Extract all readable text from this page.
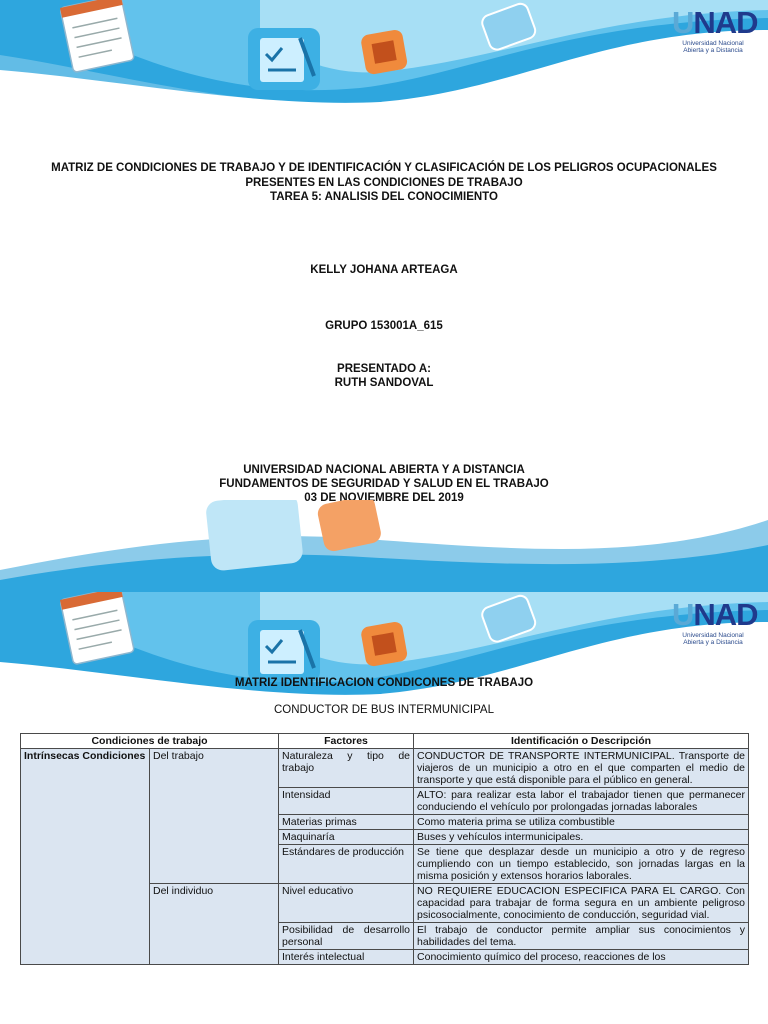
UNAD
Universidad Nacional
Abierta y a Distancia
MATRIZ DE CONDICIONES DE TRABAJO Y DE IDENTIFICACIÓN Y CLASIFICACIÓN DE LOS PELIGROS OCUPACIONALES
PRESENTES EN LAS CONDICIONES DE TRABAJO
TAREA 5: ANALISIS DEL CONOCIMIENTO
KELLY JOHANA ARTEAGA
GRUPO 153001A_615
PRESENTADO A:
RUTH SANDOVAL
UNIVERSIDAD NACIONAL ABIERTA Y A DISTANCIA
FUNDAMENTOS DE SEGURIDAD Y SALUD EN EL TRABAJO
03 DE NOVIEMBRE DEL 2019
UNAD
Universidad Nacional
Abierta y a Distancia
MATRIZ IDENTIFICACION CONDICONES DE TRABAJO
CONDUCTOR DE BUS INTERMUNICIPAL
Condiciones de trabajo		Factores	Identificación o Descripción
Intrínsecas Condiciones	Del trabajo	Naturaleza y tipo de trabajo	CONDUCTOR DE TRANSPORTE INTERMUNICIPAL. Transporte de viajeros de un municipio a otro en el que comparten el medio de transporte y que está disponible para el público en general.
		Intensidad	ALTO: para realizar esta labor el trabajador tienen que permanecer conduciendo el vehículo por prolongadas jornadas laborales
		Materias primas	Como materia prima se utiliza combustible
		Maquinaría	Buses y vehículos intermunicipales.
		Estándares de producción	Se tiene que desplazar desde un municipio a otro y de regreso cumpliendo con un tiempo establecido, son jornadas largas en la misma posición y extensos horarios laborales.
	Del individuo	Nivel educativo	NO REQUIERE EDUCACION ESPECIFICA PARA EL CARGO. Con capacidad para trabajar de forma segura en un ambiente peligroso psicosocialmente, conocimiento de conducción, seguridad vial.
		Posibilidad de desarrollo personal	El trabajo de conductor permite ampliar sus conocimientos y habilidades del tema.
		Interés intelectual	Conocimiento químico del proceso, reacciones de los
